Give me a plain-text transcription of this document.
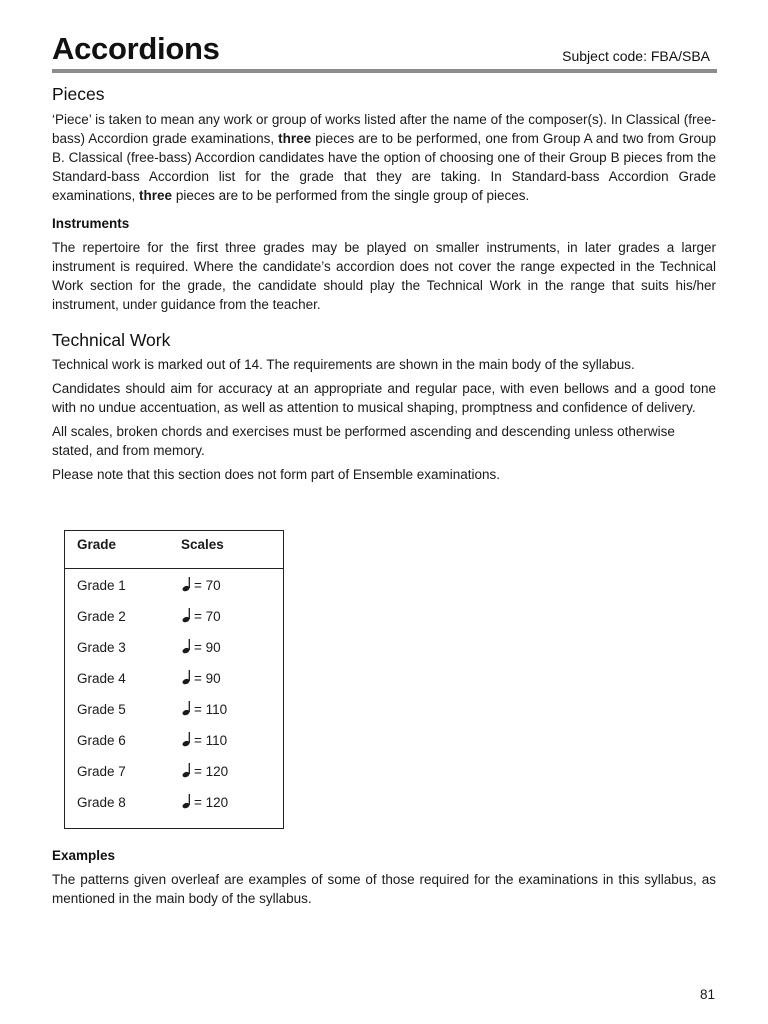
Accordions	Subject code: FBA/SBA
Pieces

‘Piece’ is taken to mean any work or group of works listed after the name of the composer(s). In Classical (free-bass) Accordion grade examinations, three pieces are to be performed, one from Group A and two from Group B. Classical (free-bass) Accordion candidates have the option of choosing one of their Group B pieces from the Standard-bass Accordion list for the grade that they are taking. In Standard-bass Accordion Grade examinations, three pieces are to be performed from the single group of pieces.

Instruments

The repertoire for the first three grades may be played on smaller instruments, in later grades a larger instrument is required. Where the candidate’s accordion does not cover the range expected in the Technical Work section for the grade, the candidate should play the Technical Work in the range that suits his/her instrument, under guidance from the teacher.

Technical Work

Technical work is marked out of 14. The requirements are shown in the main body of the syllabus.

Candidates should aim for accuracy at an appropriate and regular pace, with even bellows and a good tone with no undue accentuation, as well as attention to musical shaping, promptness and confidence of delivery.

All scales, broken chords and exercises must be performed ascending and descending unless otherwise stated, and from memory.

Please note that this section does not form part of Ensemble examinations.

Grade	Scales
Grade 1	= 70
Grade 2	= 70
Grade 3	= 90
Grade 4	= 90
Grade 5	= 110
Grade 6	= 110
Grade 7	= 120
Grade 8	= 120
Examples

The patterns given overleaf are examples of some of those required for the examinations in this syllabus, as mentioned in the main body of the syllabus.

81
